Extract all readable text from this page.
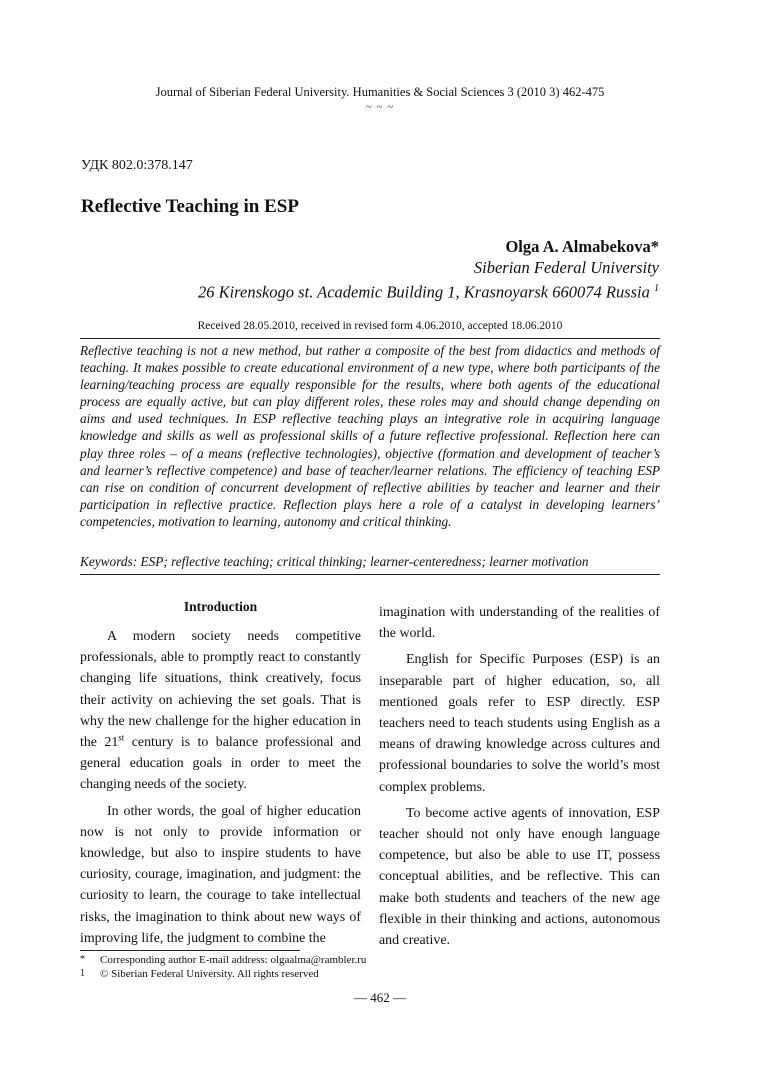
Journal of Siberian Federal University. Humanities & Social Sciences 3 (2010 3) 462-475
~ ~ ~
УДК 802.0:378.147
Reflective Teaching in ESP
Olga A. Almabekova*
Siberian Federal University
26 Kirenskogo st. Academic Building 1, Krasnoyarsk 660074 Russia $^1$
Received 28.05.2010, received in revised form 4.06.2010, accepted 18.06.2010
Reflective teaching is not a new method, but rather a composite of the best from didactics and methods of teaching. It makes possible to create educational environment of a new type, where both participants of the learning/teaching process are equally responsible for the results, where both agents of the educational process are equally active, but can play different roles, these roles may and should change depending on aims and used techniques. In ESP reflective teaching plays an integrative role in acquiring language knowledge and skills as well as professional skills of a future reflective professional. Reflection here can play three roles – of a means (reflective technologies), objective (formation and development of teacher’s and learner’s reflective competence) and base of teacher/learner relations. The efficiency of teaching ESP can rise on condition of concurrent development of reflective abilities by teacher and learner and their participation in reflective practice. Reflection plays here a role of a catalyst in developing learners’ competencies, motivation to learning, autonomy and critical thinking.
Keywords: ESP; reflective teaching; critical thinking; learner-centeredness; learner motivation
Introduction

A modern society needs competitive professionals, able to promptly react to constantly changing life situations, think creatively, focus their activity on achieving the set goals. That is why the new challenge for the higher education in the 21st century is to balance professional and general education goals in order to meet the changing needs of the society.

In other words, the goal of higher education now is not only to provide information or knowledge, but also to inspire students to have curiosity, courage, imagination, and judgment: the curiosity to learn, the courage to take intellectual risks, the imagination to think about new ways of improving life, the judgment to combine the

imagination with understanding of the realities of the world.

English for Specific Purposes (ESP) is an inseparable part of higher education, so, all mentioned goals refer to ESP directly. ESP teachers need to teach students using English as a means of drawing knowledge across cultures and professional boundaries to solve the world’s most complex problems.

To become active agents of innovation, ESP teacher should not only have enough language competence, but also be able to use IT, possess conceptual abilities, and be reflective. This can make both students and teachers of the new age flexible in their thinking and actions, autonomous and creative.

*	Corresponding author E-mail address: olgaalma@rambler.ru
1	© Siberian Federal University. All rights reserved
— 462 —
